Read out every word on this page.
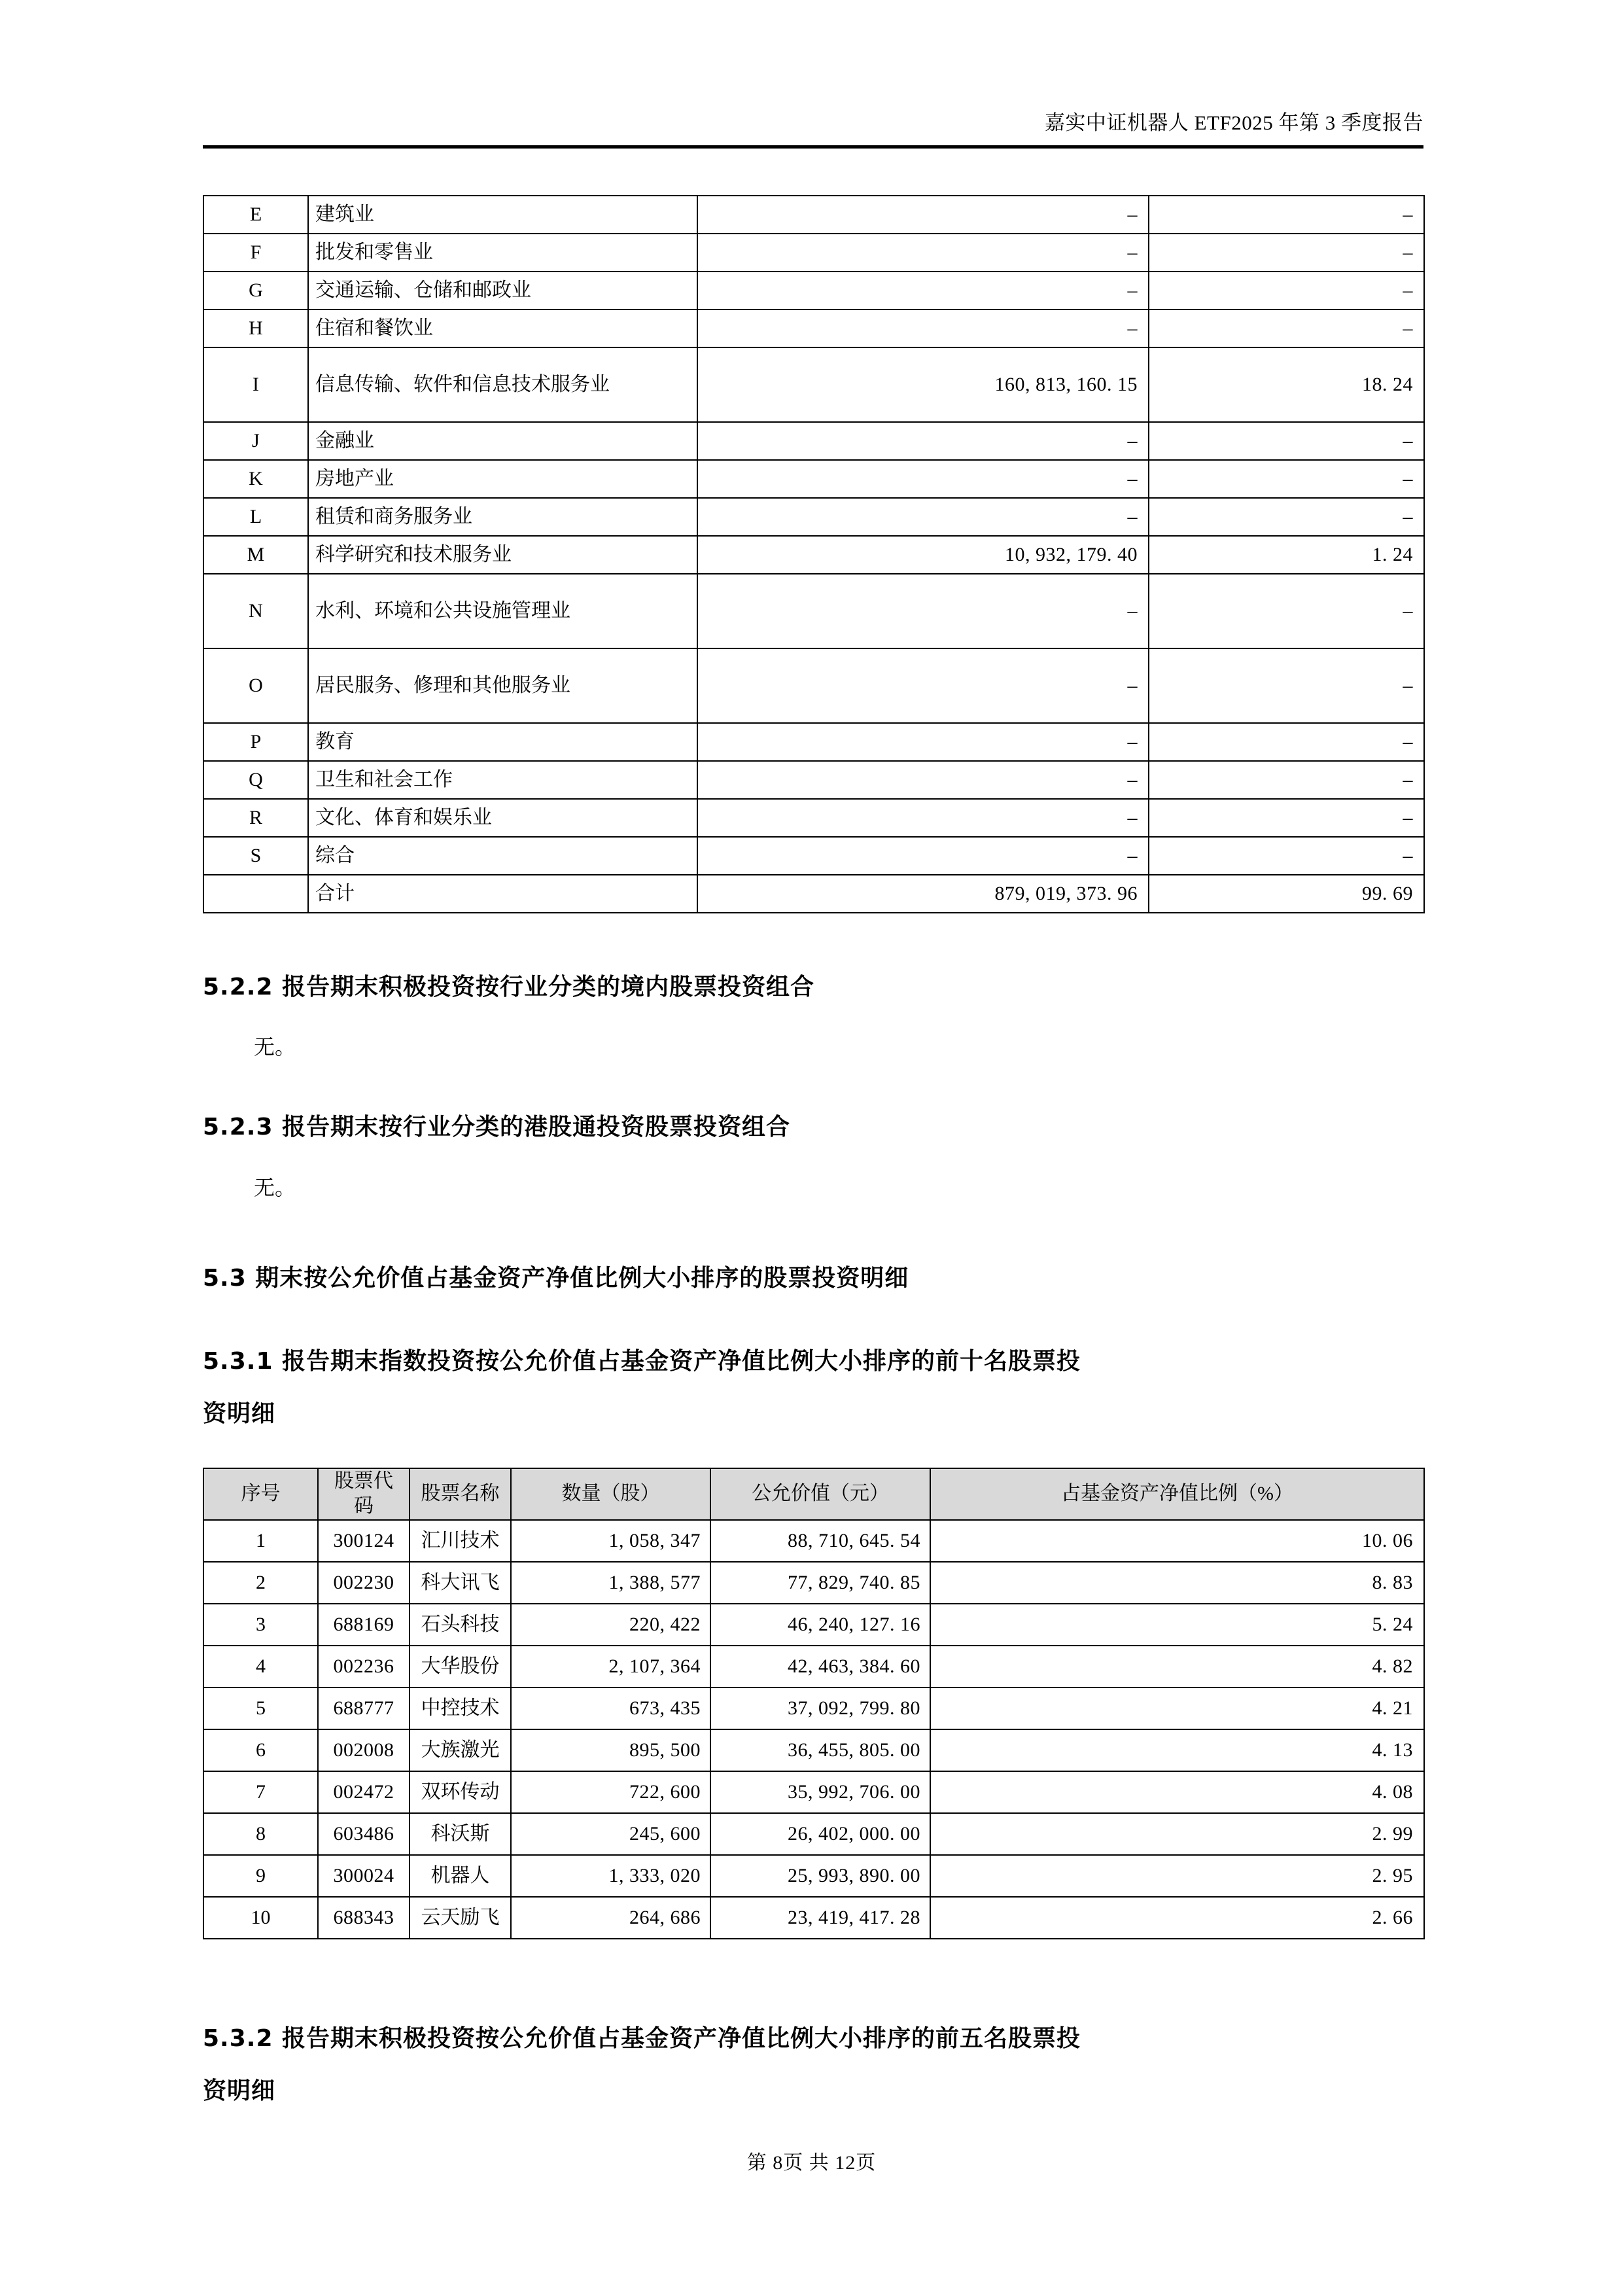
嘉实中证机器人 ETF2025 年第 3 季度报告
E	建筑业	–	–
F	批发和零售业	–	–
G	交通运输、仓储和邮政业	–	–
H	住宿和餐饮业	–	–
I	信息传输、软件和信息技术服务业	160, 813, 160. 15	18. 24
J	金融业	–	–
K	房地产业	–	–
L	租赁和商务服务业	–	–
M	科学研究和技术服务业	10, 932, 179. 40	1. 24
N	水利、环境和公共设施管理业	–	–
O	居民服务、修理和其他服务业	–	–
P	教育	–	–
Q	卫生和社会工作	–	–
R	文化、体育和娱乐业	–	–
S	综合	–	–
	合计	879, 019, 373. 96	99. 69
5.2.2 报告期末积极投资按行业分类的境内股票投资组合
无。
5.2.3 报告期末按行业分类的港股通投资股票投资组合
无。
5.3 期末按公允价值占基金资产净值比例大小排序的股票投资明细
5.3.1 报告期末指数投资按公允价值占基金资产净值比例大小排序的前十名股票投
资明细
序号	股票代码	股票名称	数量（股）	公允价值（元）	占基金资产净值比例（%）
1	300124	汇川技术	1, 058, 347	88, 710, 645. 54	10. 06
2	002230	科大讯飞	1, 388, 577	77, 829, 740. 85	8. 83
3	688169	石头科技	220, 422	46, 240, 127. 16	5. 24
4	002236	大华股份	2, 107, 364	42, 463, 384. 60	4. 82
5	688777	中控技术	673, 435	37, 092, 799. 80	4. 21
6	002008	大族激光	895, 500	36, 455, 805. 00	4. 13
7	002472	双环传动	722, 600	35, 992, 706. 00	4. 08
8	603486	科沃斯	245, 600	26, 402, 000. 00	2. 99
9	300024	机器人	1, 333, 020	25, 993, 890. 00	2. 95
10	688343	云天励飞	264, 686	23, 419, 417. 28	2. 66
5.3.2 报告期末积极投资按公允价值占基金资产净值比例大小排序的前五名股票投
资明细
第 8页 共 12页
